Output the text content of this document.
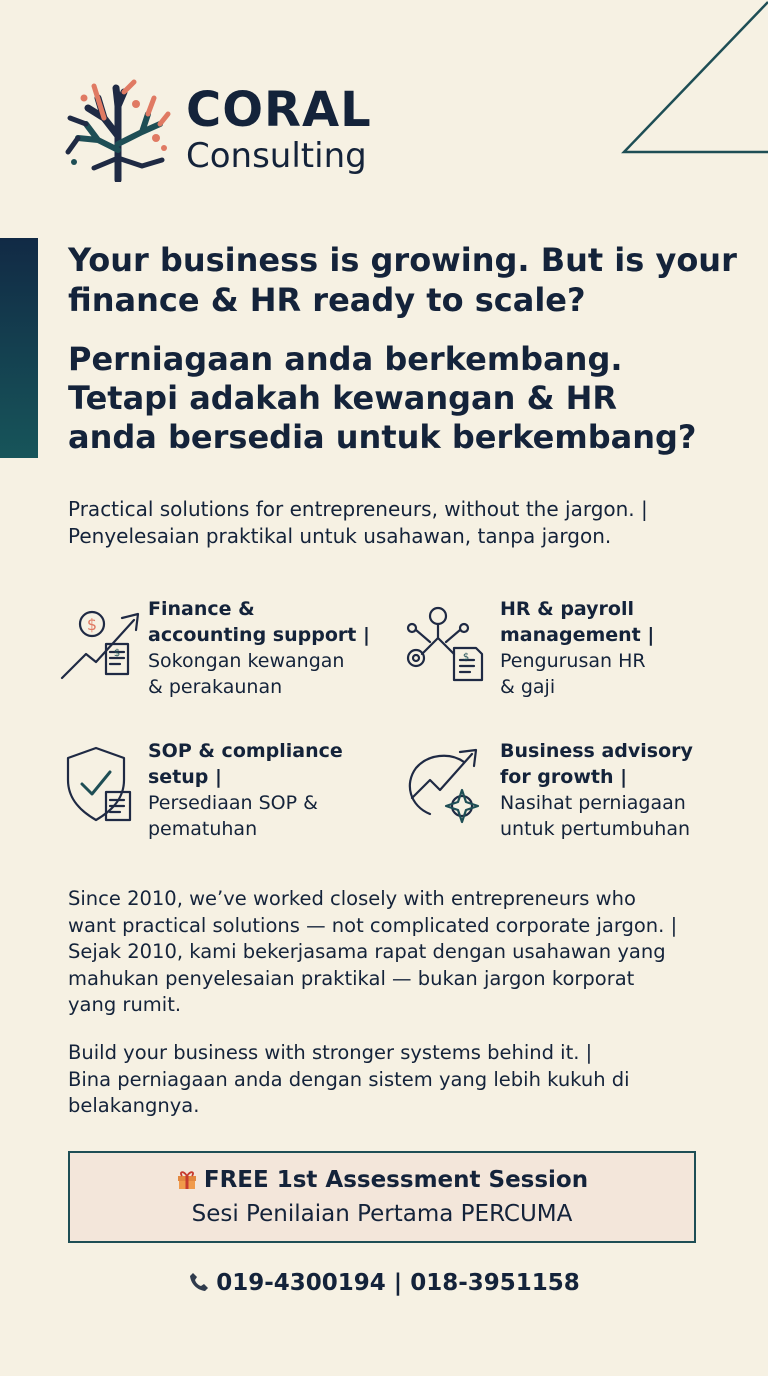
CORAL
Consulting
Your business is growing. But is your finance & HR ready to scale?
Perniagaan anda berkembang.
Tetapi adakah kewangan & HR
anda bersedia untuk berkembang?
Practical solutions for entrepreneurs, without the jargon. |
Penyelesaian praktikal untuk usahawan, tanpa jargon.
$
$
Finance &
accounting support |
Sokongan kewangan
& perakaunan
$
HR & payroll
management |
Pengurusan HR
& gaji
SOP & compliance
setup |
Persediaan SOP &
pematuhan
Business advisory
for growth |
Nasihat perniagaan
untuk pertumbuhan
Since 2010, we’ve worked closely with entrepreneurs who
want practical solutions — not complicated corporate jargon. |
Sejak 2010, kami bekerjasama rapat dengan usahawan yang
mahukan penyelesaian praktikal — bukan jargon korporat
yang rumit.
Build your business with stronger systems behind it. |
Bina perniagaan anda dengan sistem yang lebih kukuh di
belakangnya.
FREE 1st Assessment Session
Sesi Penilaian Pertama PERCUMA
019-4300194 | 018-3951158
